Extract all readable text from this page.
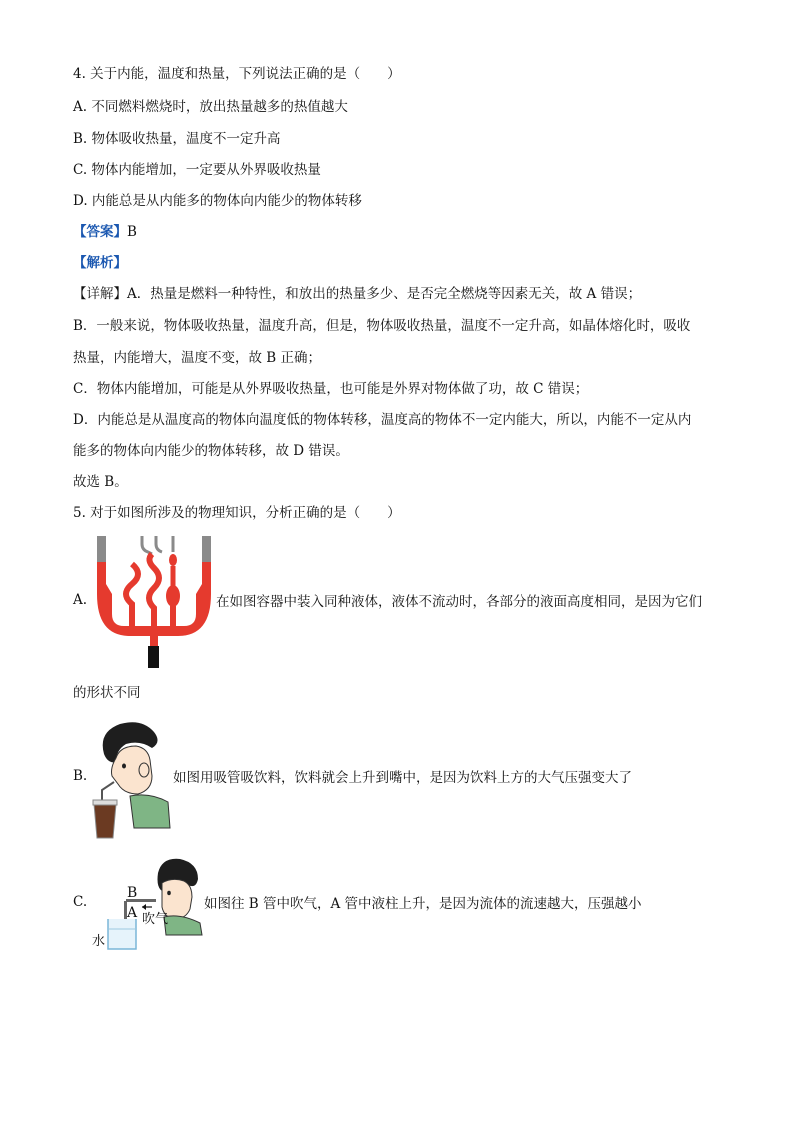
4. 关于内能，温度和热量，下列说法正确的是（　　）
A. 不同燃料燃烧时，放出热量越多的热值越大
B. 物体吸收热量，温度不一定升高
C. 物体内能增加，一定要从外界吸收热量
D. 内能总是从内能多的物体向内能少的物体转移
【答案】B
【解析】
【详解】A．热量是燃料一种特性，和放出的热量多少、是否完全燃烧等因素无关，故 A 错误；
B．一般来说，物体吸收热量，温度升高，但是，物体吸收热量，温度不一定升高，如晶体熔化时，吸收
热量，内能增大，温度不变，故 B 正确；
C．物体内能增加，可能是从外界吸收热量，也可能是外界对物体做了功，故 C 错误；
D．内能总是从温度高的物体向温度低的物体转移，温度高的物体不一定内能大，所以，内能不一定从内
能多的物体向内能少的物体转移，故 D 错误。
故选 B。
5. 对于如图所涉及的物理知识，分析正确的是（　　）
A.	在如图容器中装入同种液体，液体不流动时，各部分的液面高度相同，是因为它们
的形状不同
B.	如图用吸管吸饮料，饮料就会上升到嘴中，是因为饮料上方的大气压强变大了
C.
B
A 吹气
水
如图往 B 管中吹气，A 管中液柱上升，是因为流体的流速越大，压强越小
